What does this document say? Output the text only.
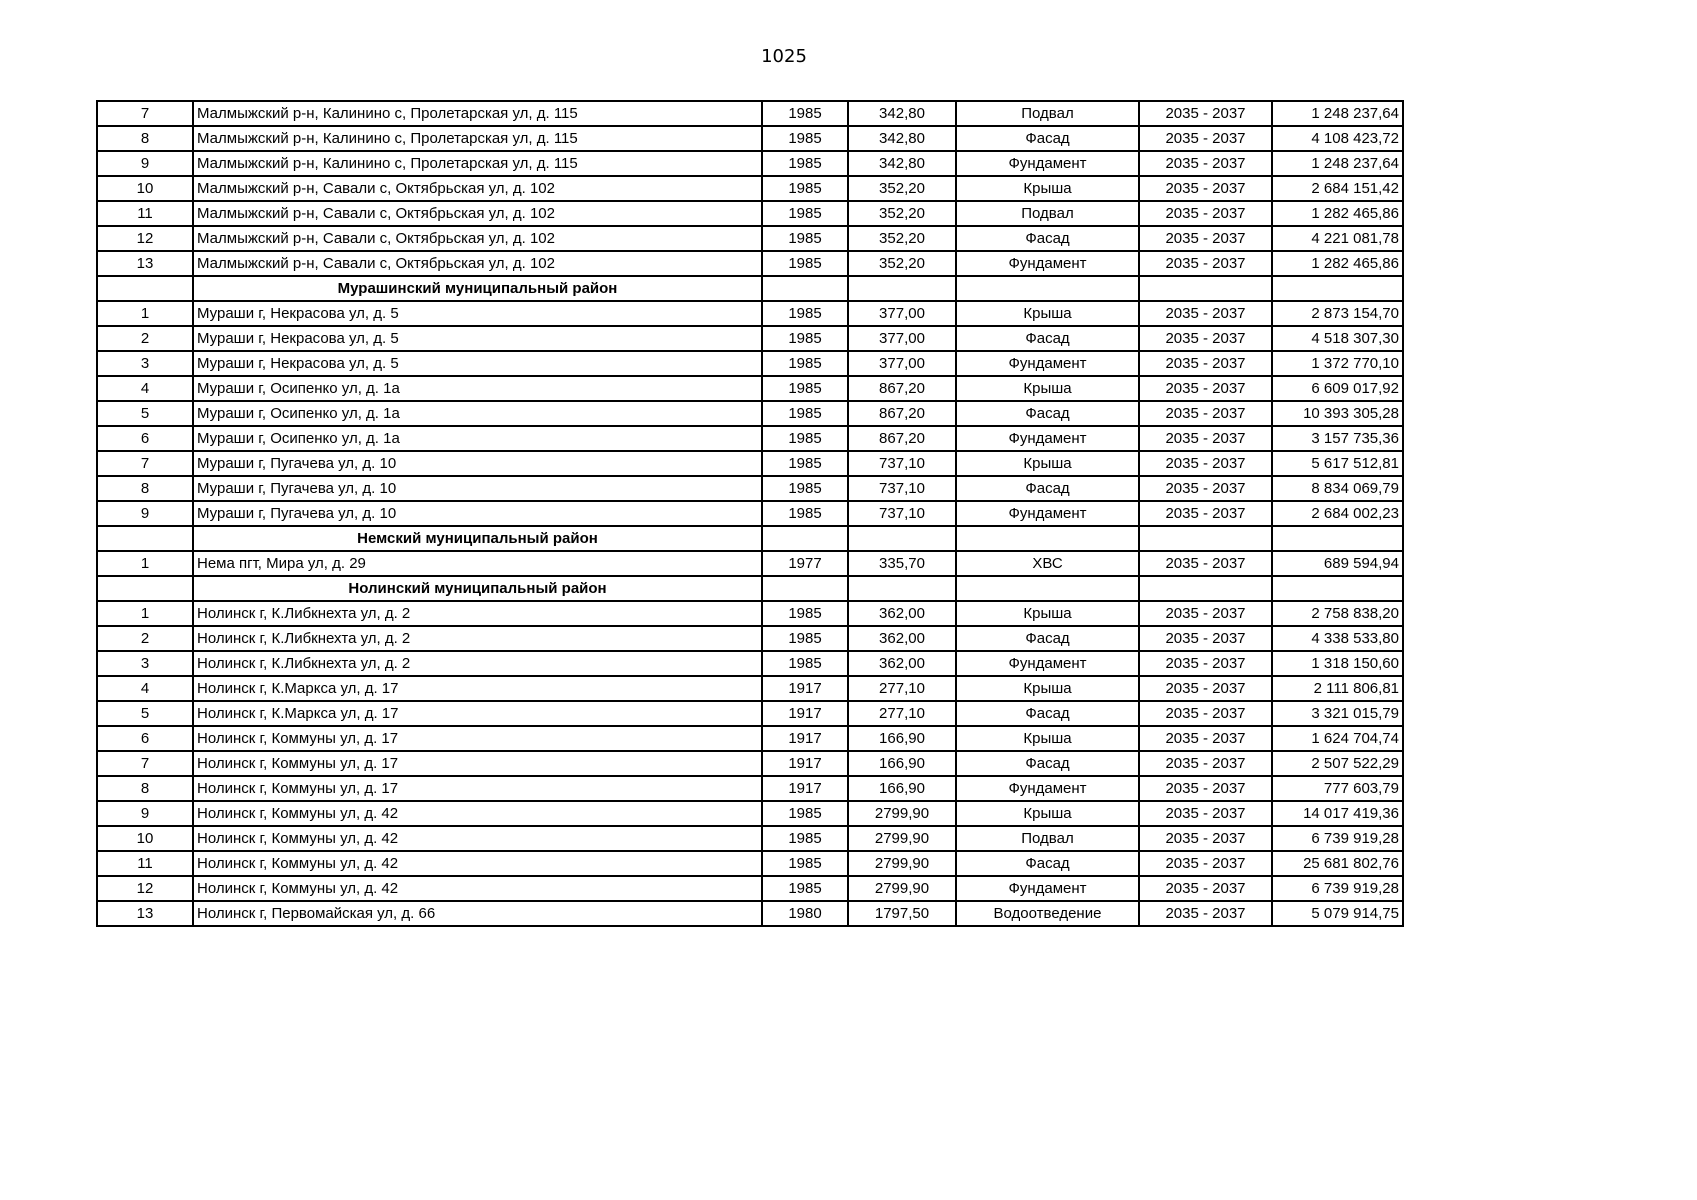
1025
7	Малмыжский р-н, Калинино с, Пролетарская ул, д. 115	1985	342,80	Подвал	2035 - 2037	1 248 237,64
8	Малмыжский р-н, Калинино с, Пролетарская ул, д. 115	1985	342,80	Фасад	2035 - 2037	4 108 423,72
9	Малмыжский р-н, Калинино с, Пролетарская ул, д. 115	1985	342,80	Фундамент	2035 - 2037	1 248 237,64
10	Малмыжский р-н, Савали с, Октябрьская ул, д. 102	1985	352,20	Крыша	2035 - 2037	2 684 151,42
11	Малмыжский р-н, Савали с, Октябрьская ул, д. 102	1985	352,20	Подвал	2035 - 2037	1 282 465,86
12	Малмыжский р-н, Савали с, Октябрьская ул, д. 102	1985	352,20	Фасад	2035 - 2037	4 221 081,78
13	Малмыжский р-н, Савали с, Октябрьская ул, д. 102	1985	352,20	Фундамент	2035 - 2037	1 282 465,86
	Мурашинский муниципальный район					
1	Мураши г, Некрасова ул, д. 5	1985	377,00	Крыша	2035 - 2037	2 873 154,70
2	Мураши г, Некрасова ул, д. 5	1985	377,00	Фасад	2035 - 2037	4 518 307,30
3	Мураши г, Некрасова ул, д. 5	1985	377,00	Фундамент	2035 - 2037	1 372 770,10
4	Мураши г, Осипенко ул, д. 1а	1985	867,20	Крыша	2035 - 2037	6 609 017,92
5	Мураши г, Осипенко ул, д. 1а	1985	867,20	Фасад	2035 - 2037	10 393 305,28
6	Мураши г, Осипенко ул, д. 1а	1985	867,20	Фундамент	2035 - 2037	3 157 735,36
7	Мураши г, Пугачева ул, д. 10	1985	737,10	Крыша	2035 - 2037	5 617 512,81
8	Мураши г, Пугачева ул, д. 10	1985	737,10	Фасад	2035 - 2037	8 834 069,79
9	Мураши г, Пугачева ул, д. 10	1985	737,10	Фундамент	2035 - 2037	2 684 002,23
	Немский муниципальный район					
1	Нема пгт, Мира ул, д. 29	1977	335,70	ХВС	2035 - 2037	689 594,94
	Нолинский муниципальный район					
1	Нолинск г, К.Либкнехта ул, д. 2	1985	362,00	Крыша	2035 - 2037	2 758 838,20
2	Нолинск г, К.Либкнехта ул, д. 2	1985	362,00	Фасад	2035 - 2037	4 338 533,80
3	Нолинск г, К.Либкнехта ул, д. 2	1985	362,00	Фундамент	2035 - 2037	1 318 150,60
4	Нолинск г, К.Маркса ул, д. 17	1917	277,10	Крыша	2035 - 2037	2 111 806,81
5	Нолинск г, К.Маркса ул, д. 17	1917	277,10	Фасад	2035 - 2037	3 321 015,79
6	Нолинск г, Коммуны ул, д. 17	1917	166,90	Крыша	2035 - 2037	1 624 704,74
7	Нолинск г, Коммуны ул, д. 17	1917	166,90	Фасад	2035 - 2037	2 507 522,29
8	Нолинск г, Коммуны ул, д. 17	1917	166,90	Фундамент	2035 - 2037	777 603,79
9	Нолинск г, Коммуны ул, д. 42	1985	2799,90	Крыша	2035 - 2037	14 017 419,36
10	Нолинск г, Коммуны ул, д. 42	1985	2799,90	Подвал	2035 - 2037	6 739 919,28
11	Нолинск г, Коммуны ул, д. 42	1985	2799,90	Фасад	2035 - 2037	25 681 802,76
12	Нолинск г, Коммуны ул, д. 42	1985	2799,90	Фундамент	2035 - 2037	6 739 919,28
13	Нолинск г, Первомайская ул, д. 66	1980	1797,50	Водоотведение	2035 - 2037	5 079 914,75
